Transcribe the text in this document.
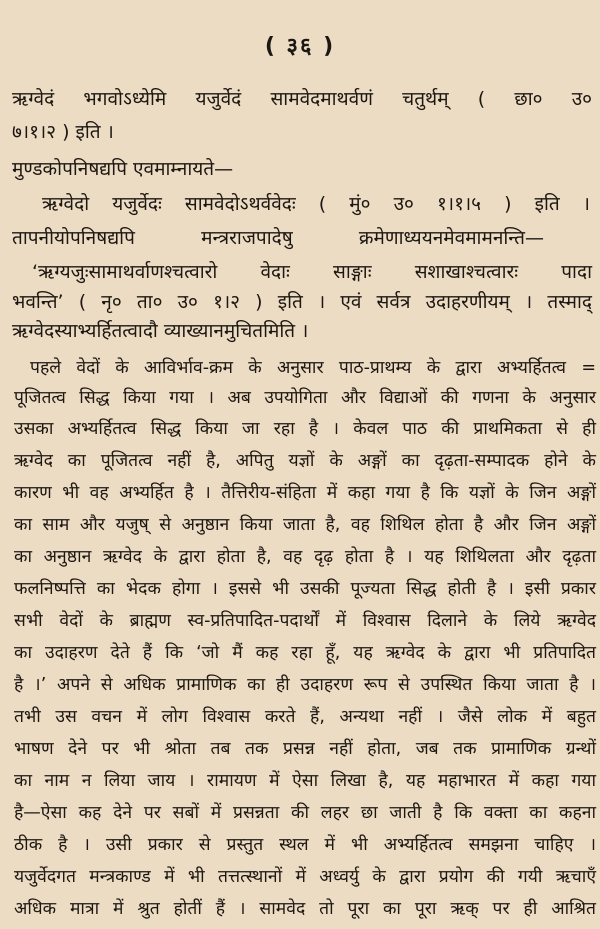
( ३६ )
ऋग्वेदं भगवोऽध्येमि यजुर्वेदं सामवेदमाथर्वणं चतुर्थम् ( छा० उ०
७।१।२ ) इति ।
मुण्डकोपनिषद्यपि एवमाम्नायते—
ऋग्वेदो यजुर्वेदः सामवेदोऽथर्ववेदः ( मुं० उ० १।१।५ ) इति ।
तापनीयोपनिषद्यपि मन्त्रराजपादेषु क्रमेणाध्ययनमेवमामनन्ति—
‘ऋग्यजुःसामाथर्वाणश्चत्वारो वेदाः साङ्गाः सशाखाश्चत्वारः पादा
भवन्ति’ ( नृ० ता० उ० १।२ ) इति । एवं सर्वत्र उदाहरणीयम् । तस्माद्
ऋग्वेदस्याभ्यर्हितत्वादौ व्याख्यानमुचितमिति ।
पहले वेदों के आविर्भाव-क्रम के अनुसार पाठ-प्राथम्य के द्वारा अभ्यर्हितत्व =
पूजितत्व सिद्ध किया गया । अब उपयोगिता और विद्याओं की गणना के अनुसार
उसका अभ्यर्हितत्व सिद्ध किया जा रहा है । केवल पाठ की प्राथमिकता से ही
ऋग्वेद का पूजितत्व नहीं है, अपितु यज्ञों के अङ्गों का दृढ़ता-सम्पादक होने के
कारण भी वह अभ्यर्हित है । तैत्तिरीय-संहिता में कहा गया है कि यज्ञों के जिन अङ्गों
का साम और यजुष् से अनुष्ठान किया जाता है, वह शिथिल होता है और जिन अङ्गों
का अनुष्ठान ऋग्वेद के द्वारा होता है, वह दृढ़ होता है । यह शिथिलता और दृढ़ता
फलनिष्पत्ति का भेदक होगा । इससे भी उसकी पूज्यता सिद्ध होती है । इसी प्रकार
सभी वेदों के ब्राह्मण स्व-प्रतिपादित-पदार्थों में विश्वास दिलाने के लिये ऋग्वेद
का उदाहरण देते हैं कि ‘जो मैं कह रहा हूँ, यह ऋग्वेद के द्वारा भी प्रतिपादित
है ।’ अपने से अधिक प्रामाणिक का ही उदाहरण रूप से उपस्थित किया जाता है ।
तभी उस वचन में लोग विश्वास करते हैं, अन्यथा नहीं । जैसे लोक में बहुत
भाषण देने पर भी श्रोता तब तक प्रसन्न नहीं होता, जब तक प्रामाणिक ग्रन्थों
का नाम न लिया जाय । रामायण में ऐसा लिखा है, यह महाभारत में कहा गया
है—ऐसा कह देने पर सबों में प्रसन्नता की लहर छा जाती है कि वक्ता का कहना
ठीक है । उसी प्रकार से प्रस्तुत स्थल में भी अभ्यर्हितत्व समझना चाहिए ।
यजुर्वेदगत मन्त्रकाण्ड में भी तत्तत्स्थानों में अध्वर्यु के द्वारा प्रयोग की गयी ऋचाएँ
अधिक मात्रा में श्रुत होतीं हैं । सामवेद तो पूरा का पूरा ऋक् पर ही आश्रित
